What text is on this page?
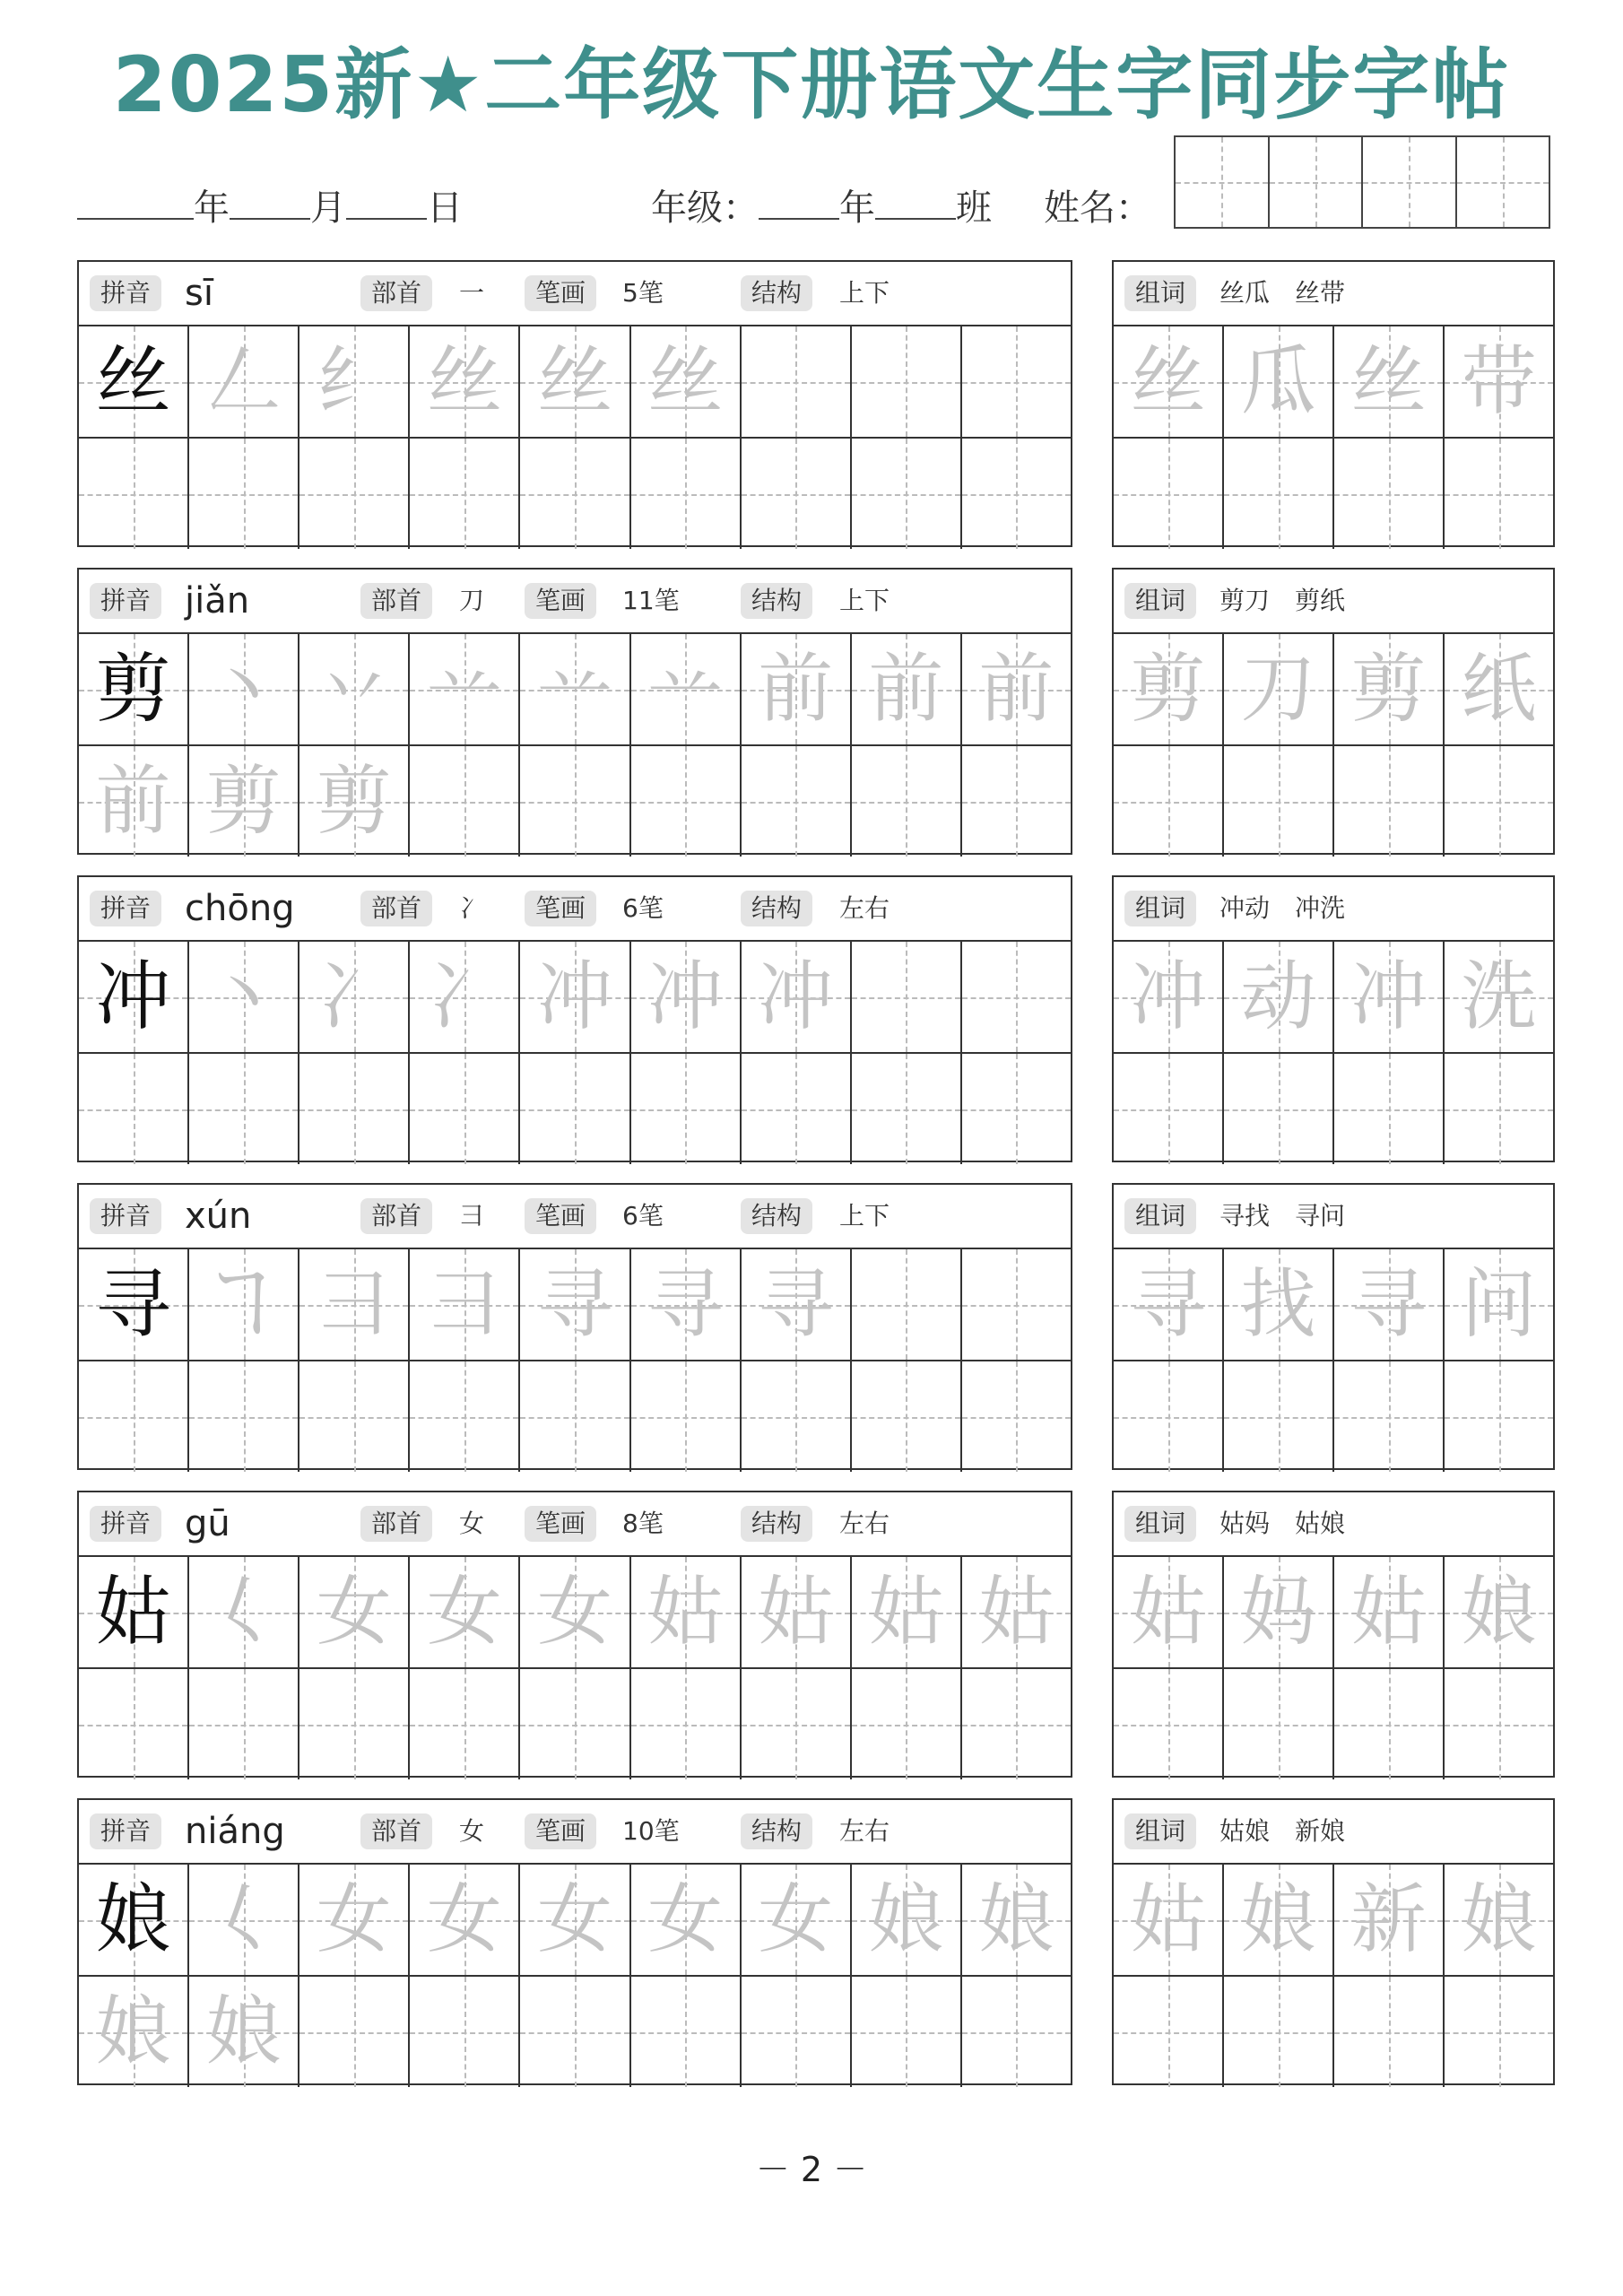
2025新★二年级下册语文生字同步字帖
年 月 日	年级： 年 班 姓名：
拼音 sī	部首	一	笔画	5笔	结构	上下
丝 𠃋 纟 丝 丝 丝
组词	丝瓜　丝带
丝 瓜 丝 带
拼音 jiǎn	部首	刀	笔画	11笔	结构	上下
剪 丶 丷 䒑 䒑 䒑 前 前 前
前 剪 剪
组词	剪刀　剪纸
剪 刀 剪 纸
拼音 chōng	部首	冫	笔画	6笔	结构	左右
冲 丶 冫 冫 冲 冲 冲
组词	冲动　冲洗
冲 动 冲 洗
拼音 xún	部首	彐	笔画	6笔	结构	上下
寻 ヿ 彐 彐 寻 寻 寻
组词	寻找　寻问
寻 找 寻 问
拼音 gū	部首	女	笔画	8笔	结构	左右
姑 𡿨 女 女 女 姑 姑 姑 姑
组词	姑妈　姑娘
姑 妈 姑 娘
拼音 niáng	部首	女	笔画	10笔	结构	左右
娘 𡿨 女 女 女 女 女 娘 娘
娘 娘
组词	姑娘　新娘
姑 娘 新 娘
－ 2 －
